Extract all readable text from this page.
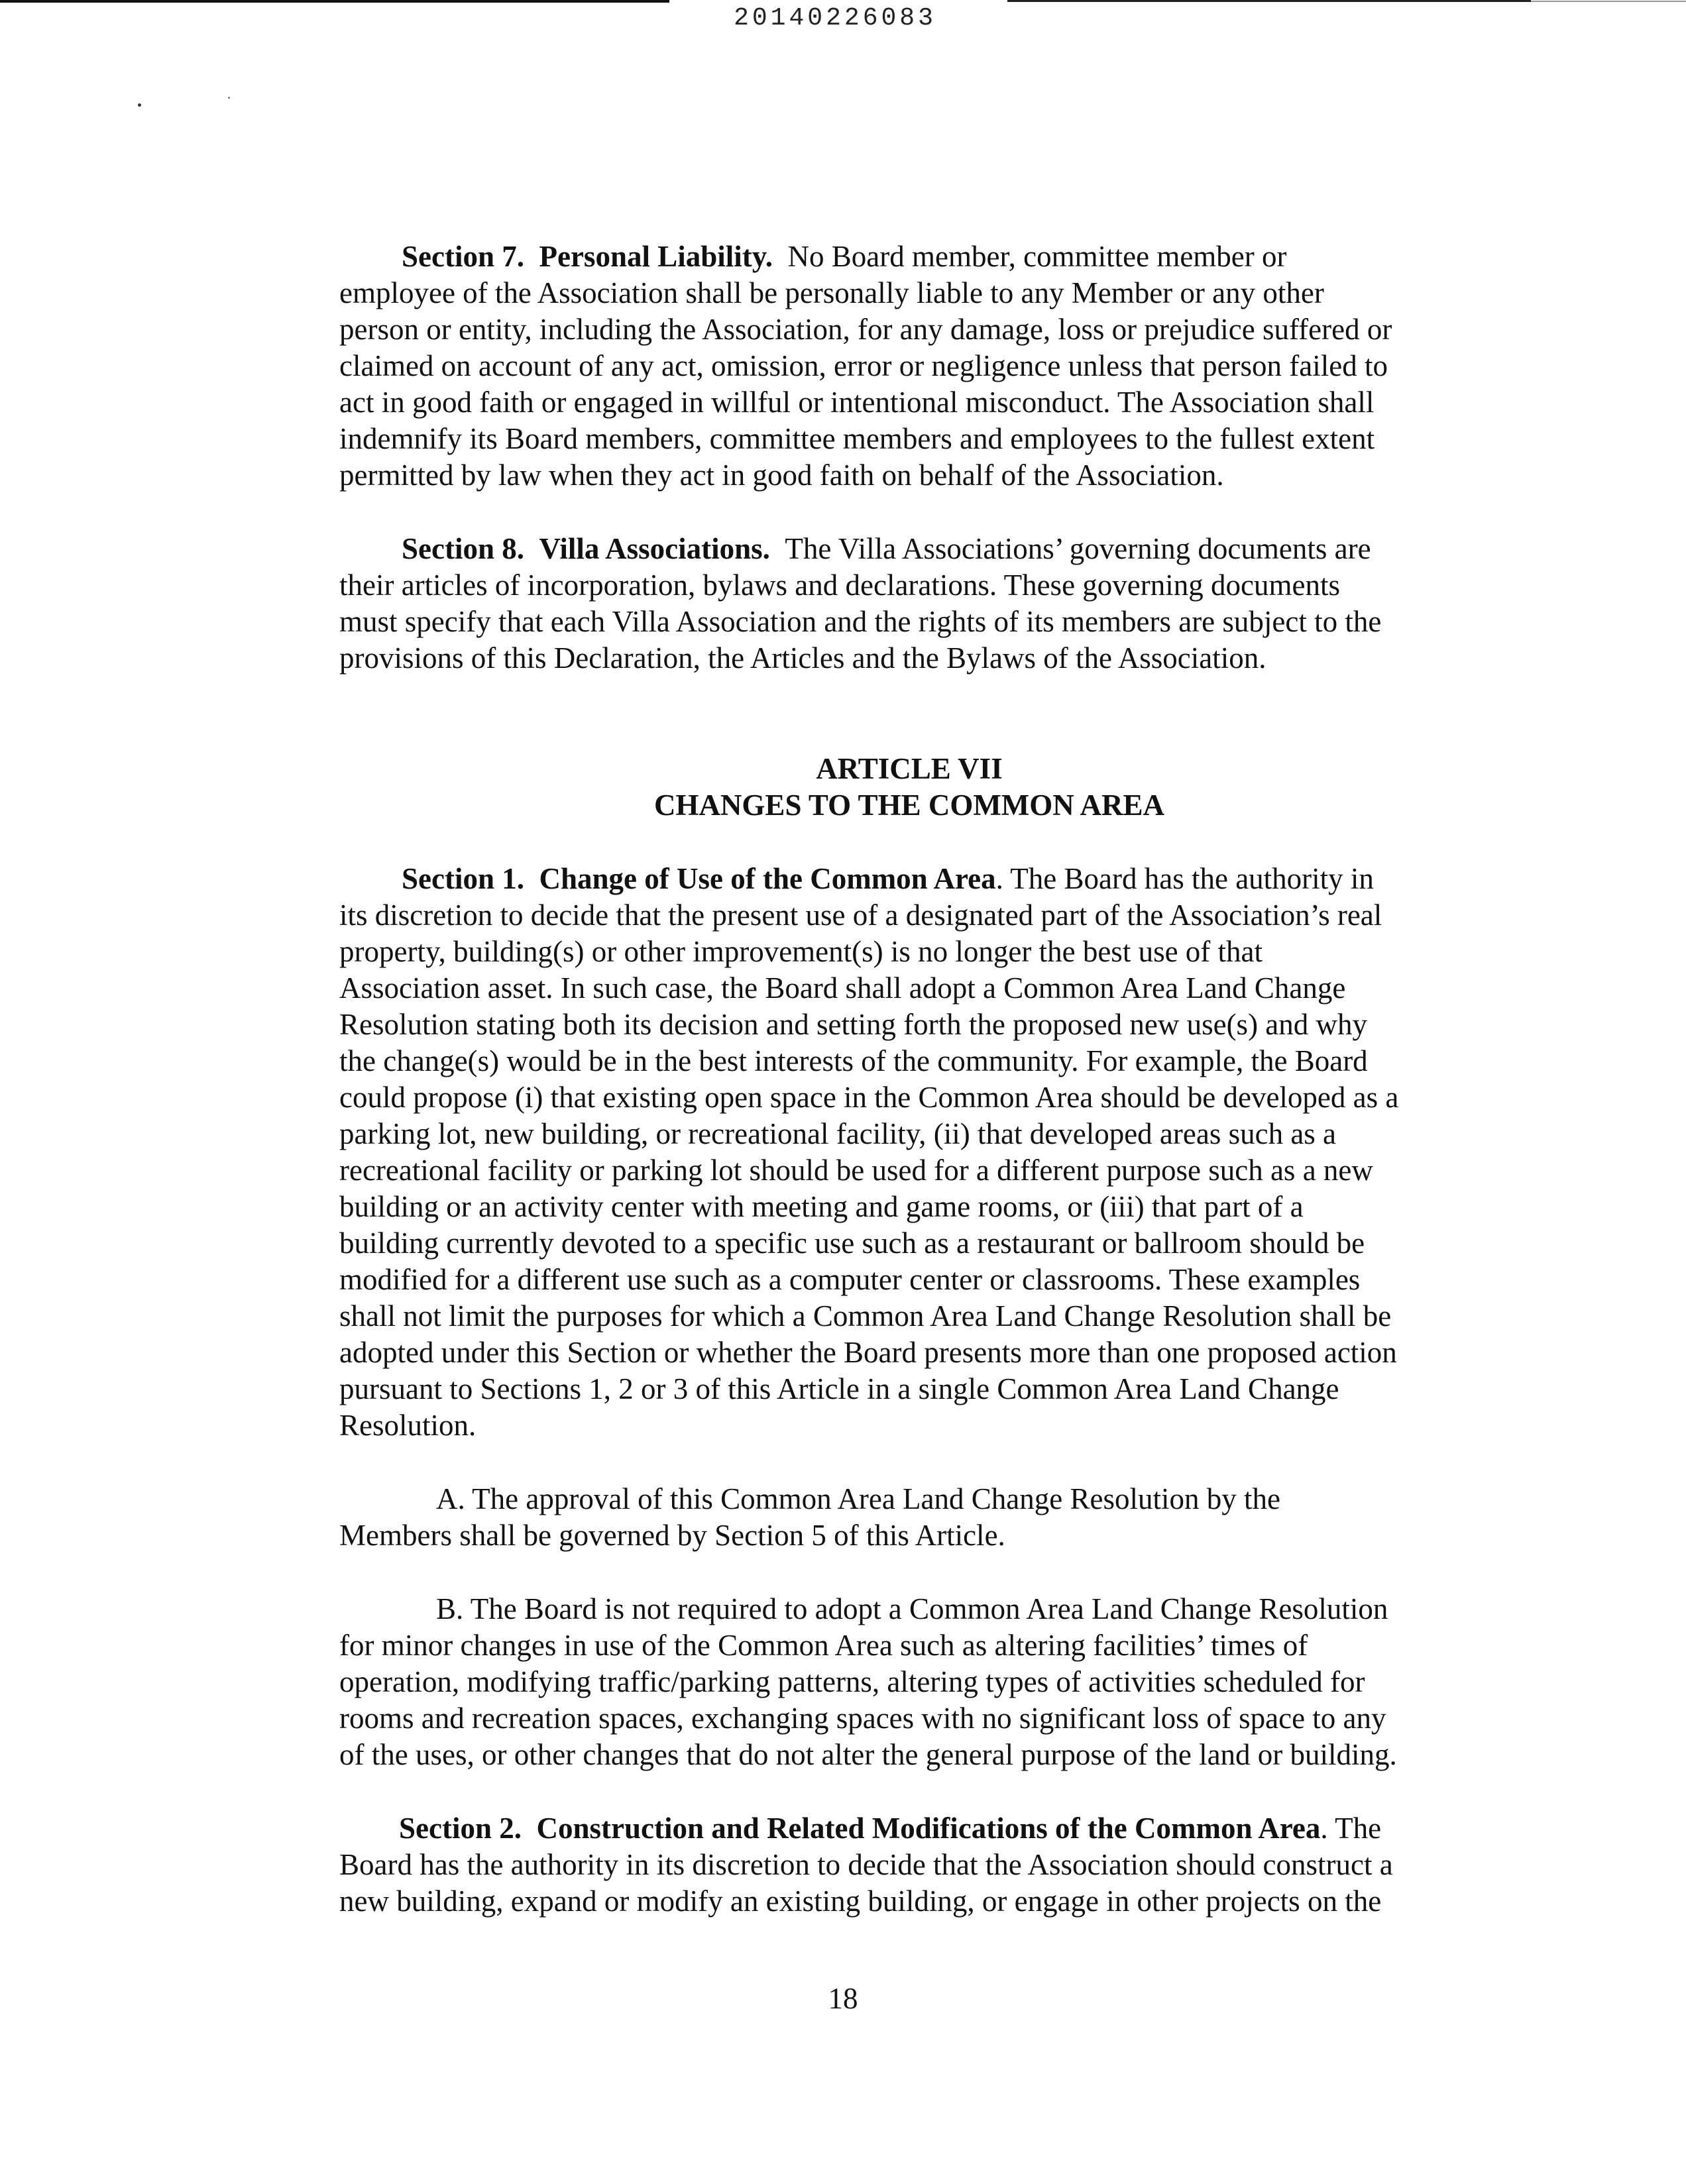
20140226083
Section 7. Personal Liability. No Board member, committee member or
employee of the Association shall be personally liable to any Member or any other
person or entity, including the Association, for any damage, loss or prejudice suffered or
claimed on account of any act, omission, error or negligence unless that person failed to
act in good faith or engaged in willful or intentional misconduct. The Association shall
indemnify its Board members, committee members and employees to the fullest extent
permitted by law when they act in good faith on behalf of the Association.
Section 8. Villa Associations. The Villa Associations’ governing documents are
their articles of incorporation, bylaws and declarations. These governing documents
must specify that each Villa Association and the rights of its members are subject to the
provisions of this Declaration, the Articles and the Bylaws of the Association.

ARTICLE VII

CHANGES TO THE COMMON AREA

Section 1. Change of Use of the Common Area. The Board has the authority in
its discretion to decide that the present use of a designated part of the Association’s real
property, building(s) or other improvement(s) is no longer the best use of that
Association asset. In such case, the Board shall adopt a Common Area Land Change
Resolution stating both its decision and setting forth the proposed new use(s) and why
the change(s) would be in the best interests of the community. For example, the Board
could propose (i) that existing open space in the Common Area should be developed as a
parking lot, new building, or recreational facility, (ii) that developed areas such as a
recreational facility or parking lot should be used for a different purpose such as a new
building or an activity center with meeting and game rooms, or (iii) that part of a
building currently devoted to a specific use such as a restaurant or ballroom should be
modified for a different use such as a computer center or classrooms. These examples
shall not limit the purposes for which a Common Area Land Change Resolution shall be
adopted under this Section or whether the Board presents more than one proposed action
pursuant to Sections 1, 2 or 3 of this Article in a single Common Area Land Change
Resolution.
A. The approval of this Common Area Land Change Resolution by the
Members shall be governed by Section 5 of this Article.
B. The Board is not required to adopt a Common Area Land Change Resolution
for minor changes in use of the Common Area such as altering facilities’ times of
operation, modifying traffic/parking patterns, altering types of activities scheduled for
rooms and recreation spaces, exchanging spaces with no significant loss of space to any
of the uses, or other changes that do not alter the general purpose of the land or building.
Section 2. Construction and Related Modifications of the Common Area. The
Board has the authority in its discretion to decide that the Association should construct a
new building, expand or modify an existing building, or engage in other projects on the
18
